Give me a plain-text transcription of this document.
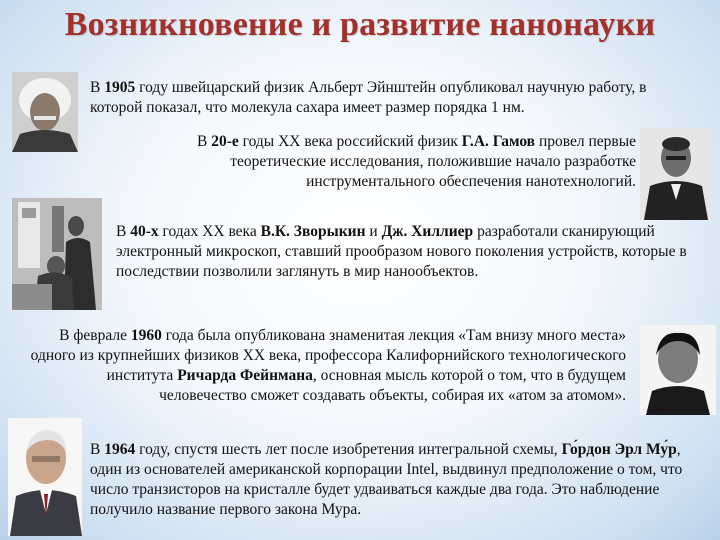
Возникновение и развитие нанонауки
В 1905 году швейцарский физик Альберт Эйнштейн опубликовал научную работу, в которой показал, что молекула сахара имеет размер порядка 1 нм.
В 20-е годы XX века российский физик Г.А. Гамов провел первые теоретические исследования, положившие начало разработке инструментального обеспечения нанотехнологий.
В 40-х годах XX века В.К. Зворыкин и Дж. Хиллиер разработали сканирующий электронный микроскоп, ставший прообразом нового поколения устройств, которые в последствии позволили заглянуть в мир нанообъектов.
В феврале 1960 года была опубликована знаменитая лекция «Там внизу много места» одного из крупнейших физиков XX века, профессора Калифорнийского технологического института Ричарда Фейнмана, основная мысль которой о том, что в будущем человечество сможет создавать объекты, собирая их «атом за атомом».
В 1964 году, спустя шесть лет после изобретения интегральной схемы, Го́рдон Эрл Му́р, один из основателей американской корпорации Intel, выдвинул предположение о том, что число транзисторов на кристалле будет удваиваться каждые два года. Это наблюдение получило название первого закона Мура.
